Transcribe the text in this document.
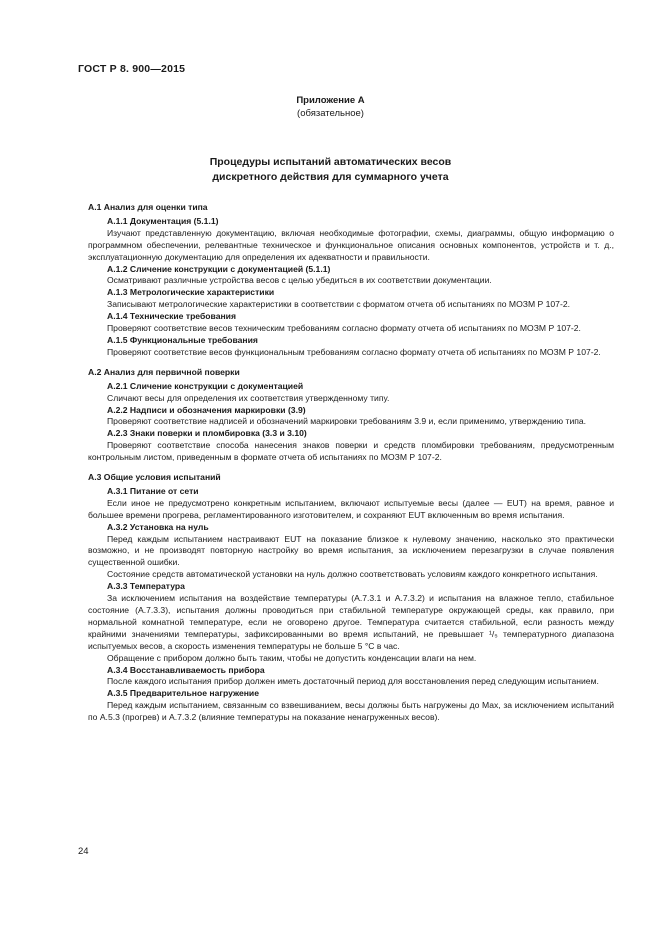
ГОСТ Р 8. 900—2015
Приложение А
(обязательное)
Процедуры испытаний автоматических весов
дискретного действия для суммарного учета

А.1 Анализ для оценки типа

А.1.1 Документация (5.1.1)

Изучают представленную документацию, включая необходимые фотографии, схемы, диаграммы, общую информацию о программном обеспечении, релевантные техническое и функциональное описания основных компонентов, устройств и т. д., эксплуатационную документацию для определения их адекватности и правильности.

А.1.2 Сличение конструкции с документацией (5.1.1)

Осматривают различные устройства весов с целью убедиться в их соответствии документации.

А.1.3 Метрологические характеристики

Записывают метрологические характеристики в соответствии с форматом отчета об испытаниях по МОЗМ Р 107-2.

А.1.4 Технические требования

Проверяют соответствие весов техническим требованиям согласно формату отчета об испытаниях по МОЗМ Р 107-2.

А.1.5 Функциональные требования

Проверяют соответствие весов функциональным требованиям согласно формату отчета об испытаниях по МОЗМ Р 107-2.

А.2 Анализ для первичной поверки

А.2.1 Сличение конструкции с документацией

Сличают весы для определения их соответствия утвержденному типу.

А.2.2 Надписи и обозначения маркировки (3.9)

Проверяют соответствие надписей и обозначений маркировки требованиям 3.9 и, если применимо, утверждению типа.

А.2.3 Знаки поверки и пломбировка (3.3 и 3.10)

Проверяют соответствие способа нанесения знаков поверки и средств пломбировки требованиям, предусмотренным контрольным листом, приведенным в формате отчета об испытаниях по МОЗМ Р 107-2.

А.3 Общие условия испытаний

А.3.1 Питание от сети

Если иное не предусмотрено конкретным испытанием, включают испытуемые весы (далее — EUT) на время, равное и большее времени прогрева, регламентированного изготовителем, и сохраняют EUT включенным во время испытания.

А.3.2 Установка на нуль

Перед каждым испытанием настраивают EUT на показание близкое к нулевому значению, насколько это практически возможно, и не производят повторную настройку во время испытания, за исключением перезагрузки в случае появления существенной ошибки.

Состояние средств автоматической установки на нуль должно соответствовать условиям каждого конкретного испытания.

А.3.3 Температура

За исключением испытания на воздействие температуры (А.7.3.1 и А.7.3.2) и испытания на влажное тепло, стабильное состояние (А.7.3.3), испытания должны проводиться при стабильной температуре окружающей среды, как правило, при нормальной комнатной температуре, если не оговорено другое. Температура считается стабильной, если разность между крайними значениями температуры, зафиксированными во время испытаний, не превышает ¹/₅ температурного диапазона испытуемых весов, а скорость изменения температуры не больше 5 °С в час.

Обращение с прибором должно быть таким, чтобы не допустить конденсации влаги на нем.

А.3.4 Восстанавливаемость прибора

После каждого испытания прибор должен иметь достаточный период для восстановления перед следующим испытанием.

А.3.5 Предварительное нагружение

Перед каждым испытанием, связанным со взвешиванием, весы должны быть нагружены до Max, за исключением испытаний по А.5.3 (прогрев) и А.7.3.2 (влияние температуры на показание ненагруженных весов).

24
